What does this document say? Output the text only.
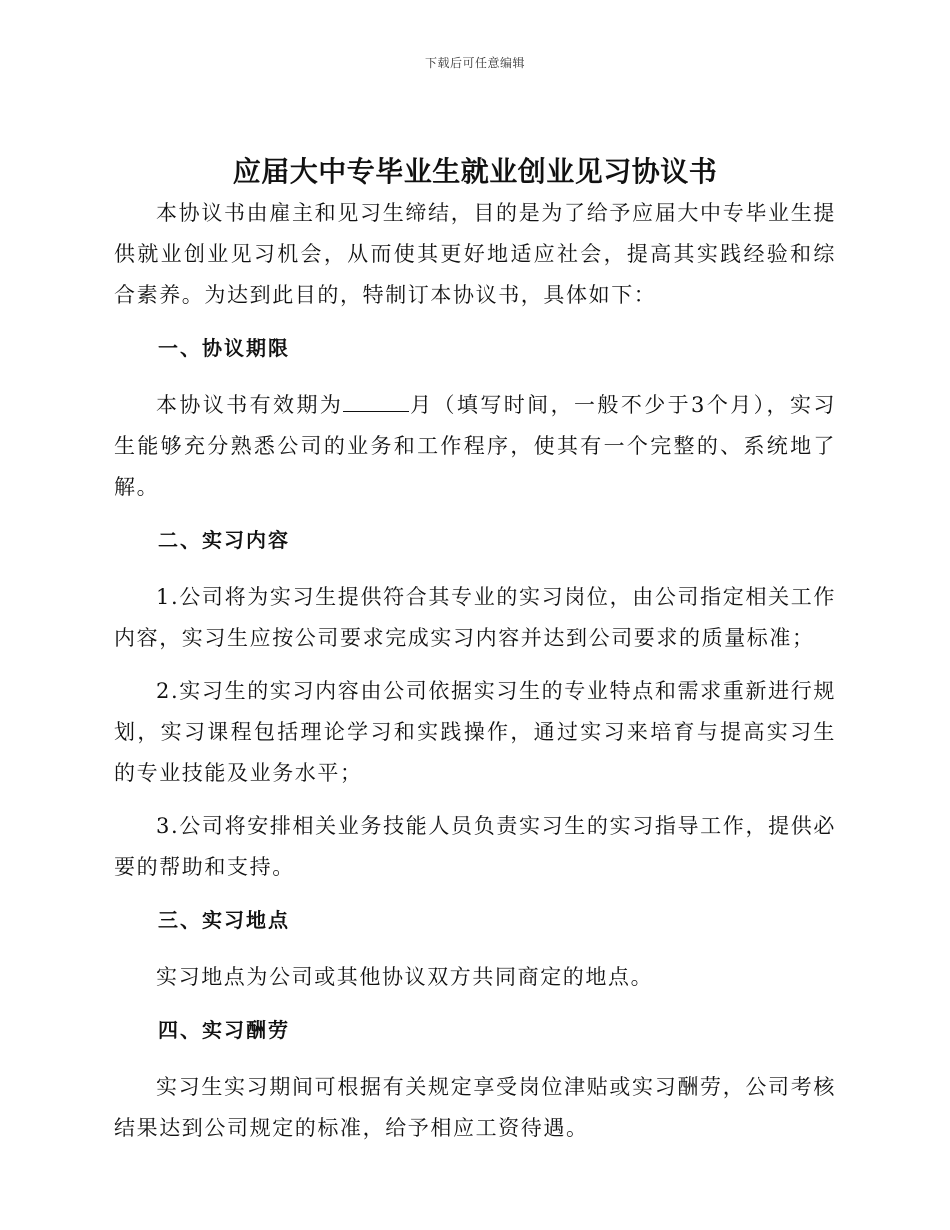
下载后可任意编辑
应届大中专毕业生就业创业见习协议书

本协议书由雇主和见习生缔结，目的是为了给予应届大中专毕业生提供就业创业见习机会，从而使其更好地适应社会，提高其实践经验和综合素养。为达到此目的，特制订本协议书，具体如下：

一、协议期限

本协议书有效期为	月（填写时间，一般不少于3个月），实习生能够充分熟悉公司的业务和工作程序，使其有一个完整的、系统地了解。

二、实习内容

1.公司将为实习生提供符合其专业的实习岗位，由公司指定相关工作内容，实习生应按公司要求完成实习内容并达到公司要求的质量标准；

2.实习生的实习内容由公司依据实习生的专业特点和需求重新进行规划，实习课程包括理论学习和实践操作，通过实习来培育与提高实习生的专业技能及业务水平；

3.公司将安排相关业务技能人员负责实习生的实习指导工作，提供必要的帮助和支持。

三、实习地点

实习地点为公司或其他协议双方共同商定的地点。

四、实习酬劳

实习生实习期间可根据有关规定享受岗位津贴或实习酬劳，公司考核结果达到公司规定的标准，给予相应工资待遇。
